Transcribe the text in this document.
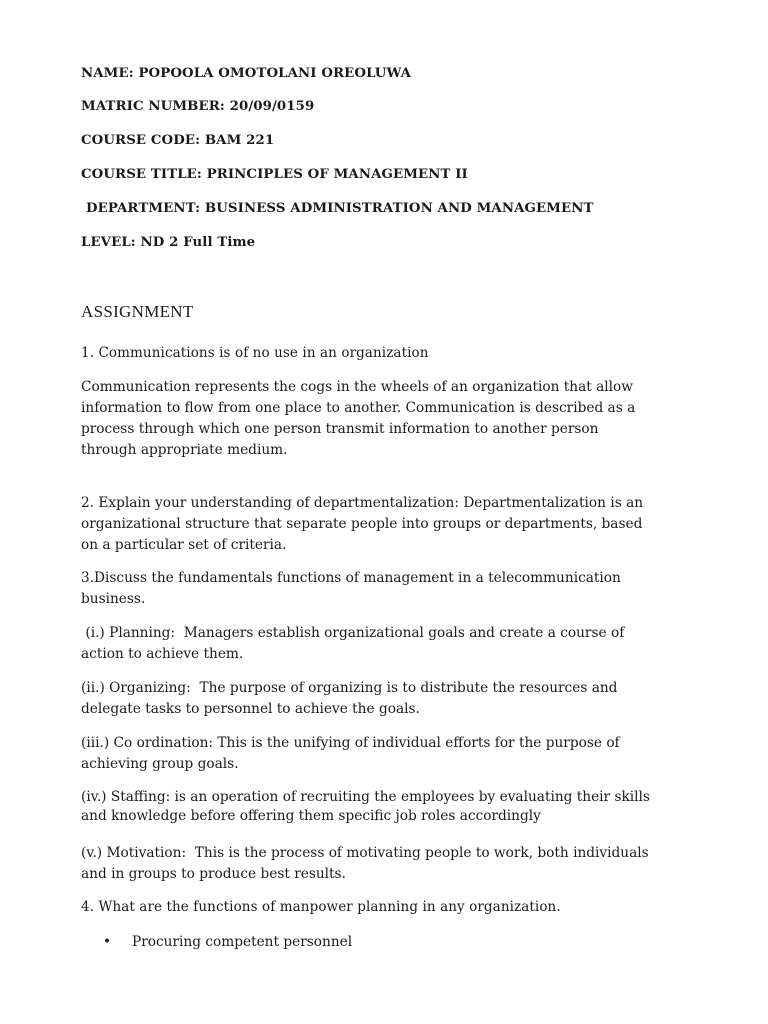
NAME: POPOOLA OMOTOLANI OREOLUWA
MATRIC NUMBER: 20/09/0159
COURSE CODE: BAM 221
COURSE TITLE: PRINCIPLES OF MANAGEMENT II
DEPARTMENT: BUSINESS ADMINISTRATION AND MANAGEMENT
LEVEL: ND 2 Full Time
ASSIGNMENT
1. Communications is of no use in an organization
Communication represents the cogs in the wheels of an organization that allow
information to flow from one place to another. Communication is described as a
process through which one person transmit information to another person
through appropriate medium.
2. Explain your understanding of departmentalization: Departmentalization is an
organizational structure that separate people into groups or departments, based
on a particular set of criteria.
3.Discuss the fundamentals functions of management in a telecommunication
business.
(i.) Planning:  Managers establish organizational goals and create a course of
action to achieve them.
(ii.) Organizing:  The purpose of organizing is to distribute the resources and
delegate tasks to personnel to achieve the goals.
(iii.) Co ordination: This is the unifying of individual efforts for the purpose of
achieving group goals.
(iv.) Staffing: is an operation of recruiting the employees by evaluating their skills
and knowledge before offering them specific job roles accordingly
(v.) Motivation:  This is the process of motivating people to work, both individuals
and in groups to produce best results.
4. What are the functions of manpower planning in any organization.
• Procuring competent personnel
